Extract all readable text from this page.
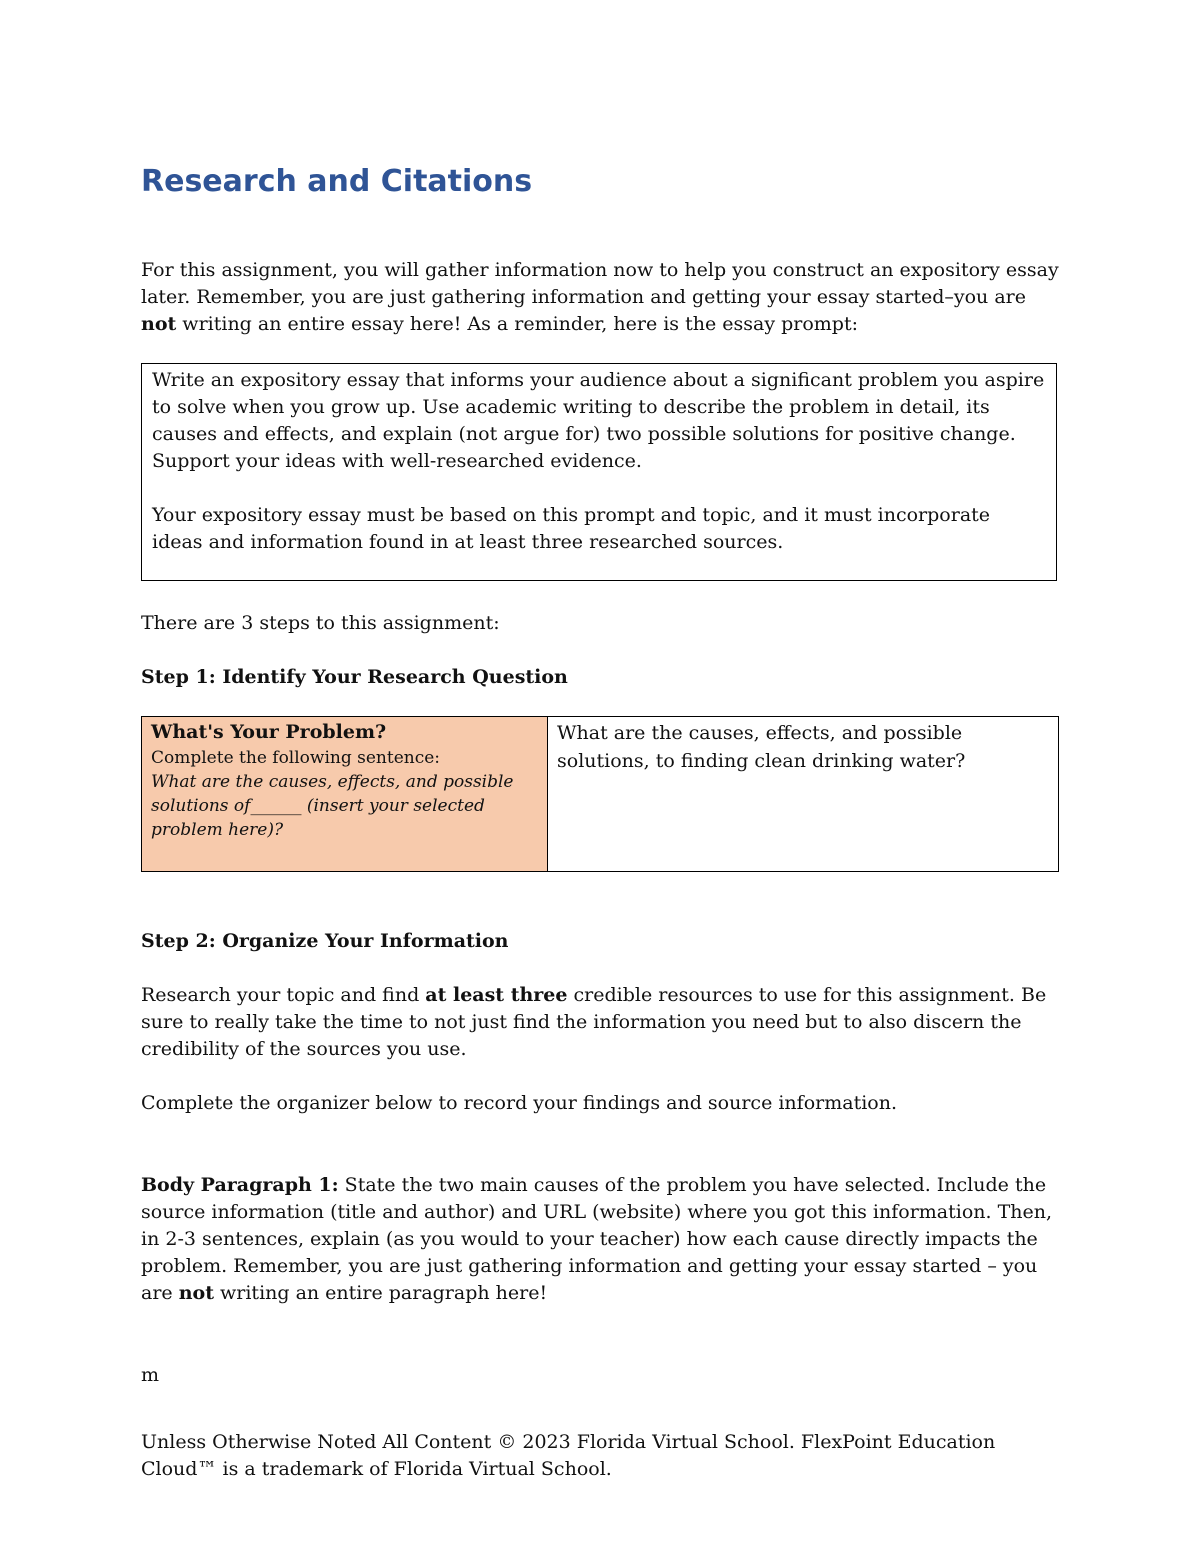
Research and Citations

For this assignment, you will gather information now to help you construct an expository essay later. Remember, you are just gathering information and getting your essay started–you are not writing an entire essay here! As a reminder, here is the essay prompt:

Write an expository essay that informs your audience about a significant problem you aspire to solve when you grow up. Use academic writing to describe the problem in detail, its causes and effects, and explain (not argue for) two possible solutions for positive change. Support your ideas with well-researched evidence.

Your expository essay must be based on this prompt and topic, and it must incorporate ideas and information found in at least three researched sources.

There are 3 steps to this assignment:

Step 1: Identify Your Research Question

What's Your Problem?
Complete the following sentence:
What are the causes, effects, and possible solutions of______ (insert your selected problem here)?
	What are the causes, effects, and possible solutions, to finding clean drinking water?

Step 2: Organize Your Information

Research your topic and find at least three credible resources to use for this assignment. Be sure to really take the time to not just find the information you need but to also discern the credibility of the sources you use.

Complete the organizer below to record your findings and source information.

Body Paragraph 1: State the two main causes of the problem you have selected. Include the source information (title and author) and URL (website) where you got this information. Then, in 2-3 sentences, explain (as you would to your teacher) how each cause directly impacts the problem. Remember, you are just gathering information and getting your essay started – you are not writing an entire paragraph here!

m

Unless Otherwise Noted All Content © 2023 Florida Virtual School. FlexPoint Education Cloud™ is a trademark of Florida Virtual School.
